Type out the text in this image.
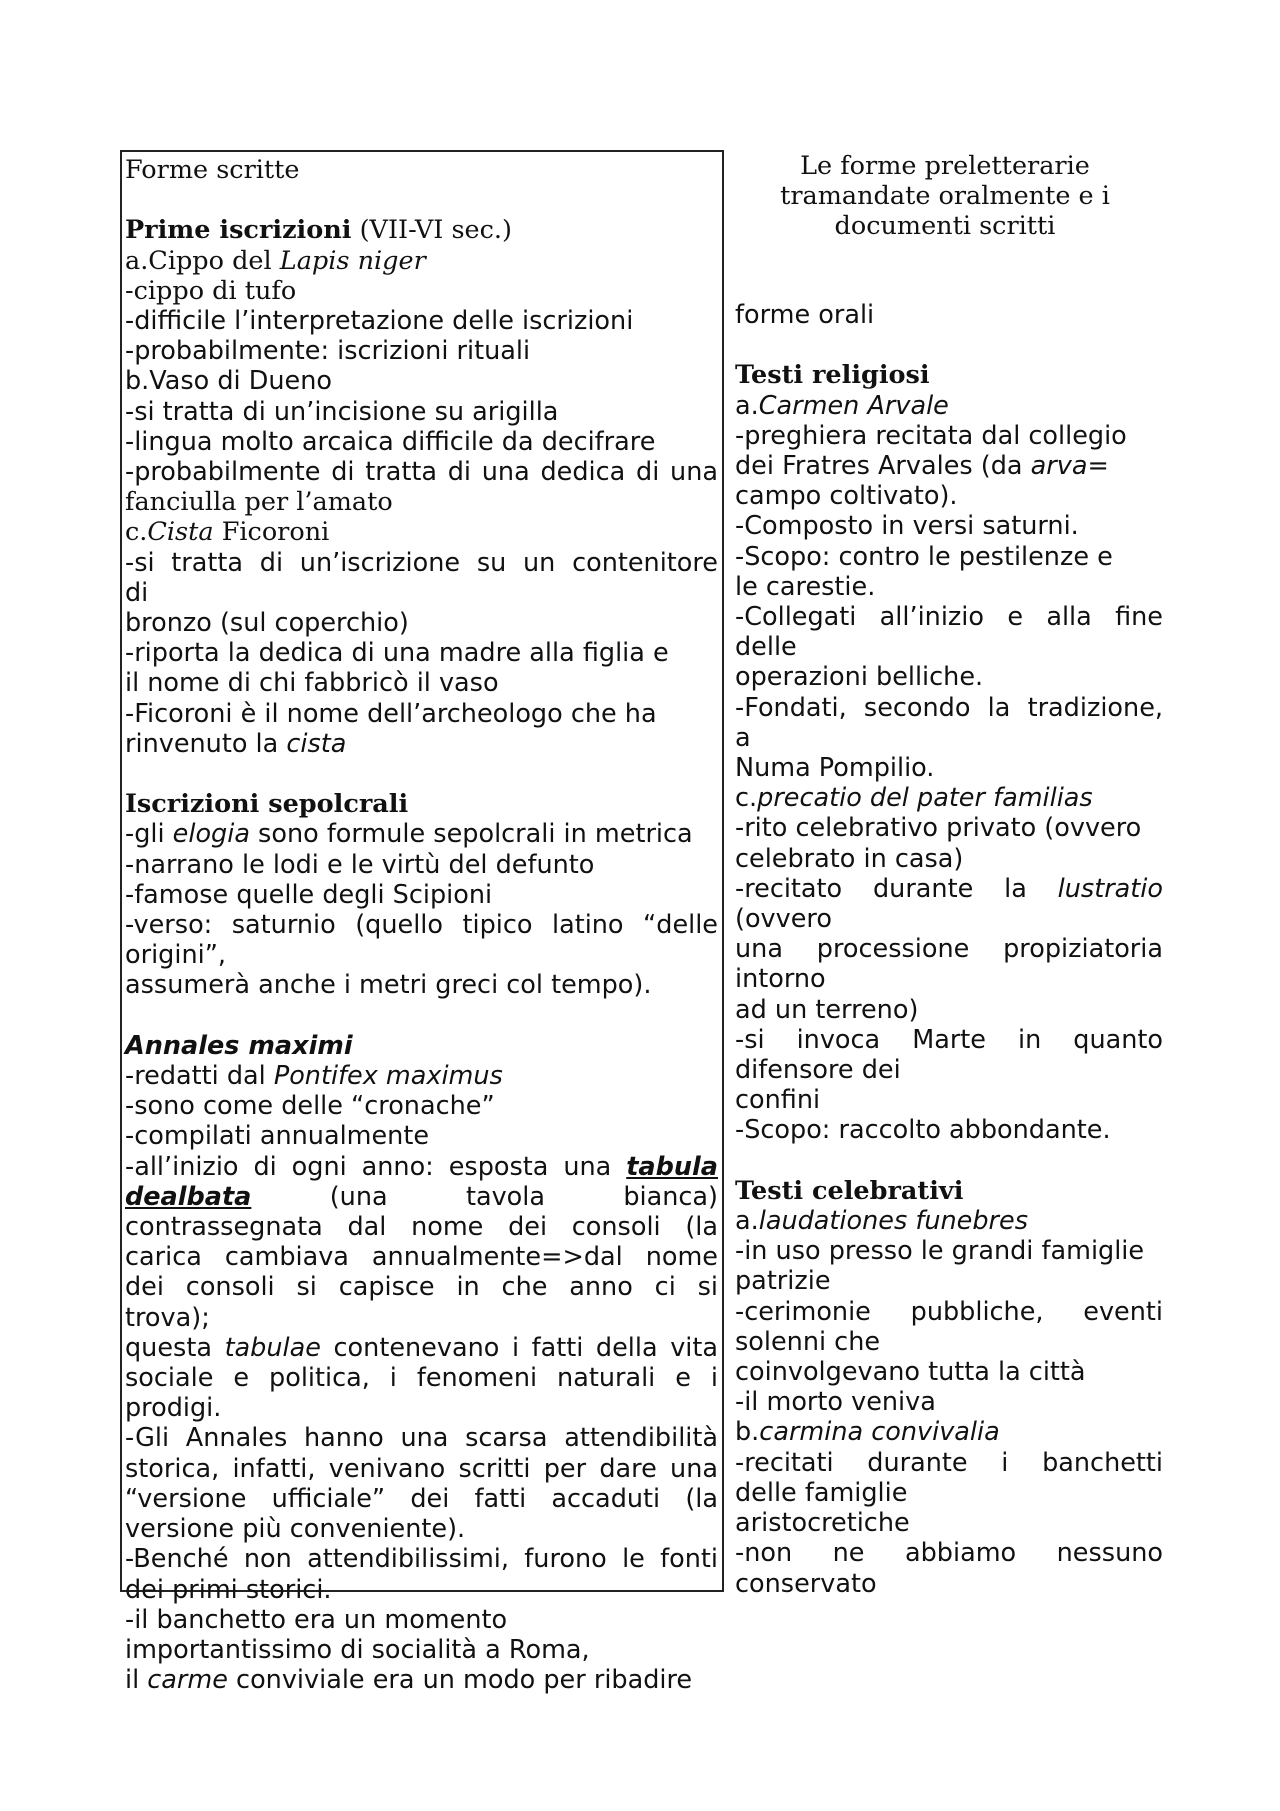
Le forme preletterarie
tramandate oralmente e i
documenti scritti
Forme scritte
Prime iscrizioni (VII-VI sec.)
a.Cippo del Lapis niger
-cippo di tufo
-difficile l’interpretazione delle iscrizioni
-probabilmente: iscrizioni rituali
b.Vaso di Dueno
-si tratta di un’incisione su arigilla
-lingua molto arcaica difficile da decifrare
-probabilmente di tratta di una dedica di una
fanciulla per l’amato
c.Cista Ficoroni
-si tratta di un’iscrizione su un contenitore
di
bronzo (sul coperchio)
-riporta la dedica di una madre alla figlia e
il nome di chi fabbricò il vaso
-Ficoroni è il nome dell’archeologo che ha
rinvenuto la cista
Iscrizioni sepolcrali
-gli elogia sono formule sepolcrali in metrica
-narrano le lodi e le virtù del defunto
-famose quelle degli Scipioni
-verso: saturnio (quello tipico latino “delle
origini”,
assumerà anche i metri greci col tempo).
Annales maximi
-redatti dal Pontifex maximus
-sono come delle “cronache”
-compilati annualmente
-all’inizio di ogni anno: esposta una tabula
dealbata (una tavola bianca)
contrassegnata dal nome dei consoli (la
carica cambiava annualmente=>dal nome
dei consoli si capisce in che anno ci si
trova);
questa tabulae contenevano i fatti della vita
sociale e politica, i fenomeni naturali e i
prodigi.
-Gli Annales hanno una scarsa attendibilità
storica, infatti, venivano scritti per dare una
“versione ufficiale” dei fatti accaduti (la
versione più conveniente).
-Benché non attendibilissimi, furono le fonti
dei primi storici.
-il banchetto era un momento
importantissimo di socialità a Roma,
il carme conviviale era un modo per ribadire
forme orali
Testi religiosi
a.Carmen Arvale
-preghiera recitata dal collegio
dei Fratres Arvales (da arva=
campo coltivato).
-Composto in versi saturni.
-Scopo: contro le pestilenze e
le carestie.
-Collegati all’inizio e alla fine
delle
operazioni belliche.
-Fondati, secondo la tradizione,
a
Numa Pompilio.
c.precatio del pater familias
-rito celebrativo privato (ovvero
celebrato in casa)
-recitato durante la lustratio
(ovvero
una processione propiziatoria
intorno
ad un terreno)
-si invoca Marte in quanto
difensore dei
confini
-Scopo: raccolto abbondante.
Testi celebrativi
a.laudationes funebres
-in uso presso le grandi famiglie
patrizie
-cerimonie pubbliche, eventi
solenni che
coinvolgevano tutta la città
-il morto veniva
b.carmina convivalia
-recitati durante i banchetti
delle famiglie
aristocretiche
-non ne abbiamo nessuno
conservato
